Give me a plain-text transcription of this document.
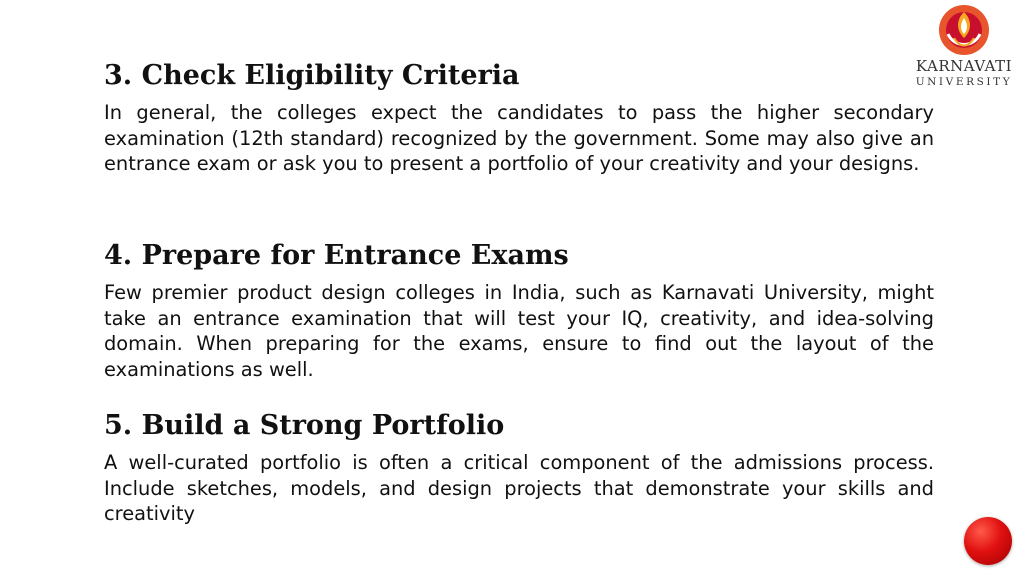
KARNAVATI
UNIVERSITY
3. Check Eligibility Criteria

In general, the colleges expect the candidates to pass the higher secondary examination (12th standard) recognized by the government. Some may also give an entrance exam or ask you to present a portfolio of your creativity and your designs.

4. Prepare for Entrance Exams

Few premier product design colleges in India, such as Karnavati University, might take an entrance examination that will test your IQ, creativity, and idea-solving domain. When preparing for the exams, ensure to find out the layout of the examinations as well.

5. Build a Strong Portfolio

A well-curated portfolio is often a critical component of the admissions process. Include sketches, models, and design projects that demonstrate your skills and creativity
